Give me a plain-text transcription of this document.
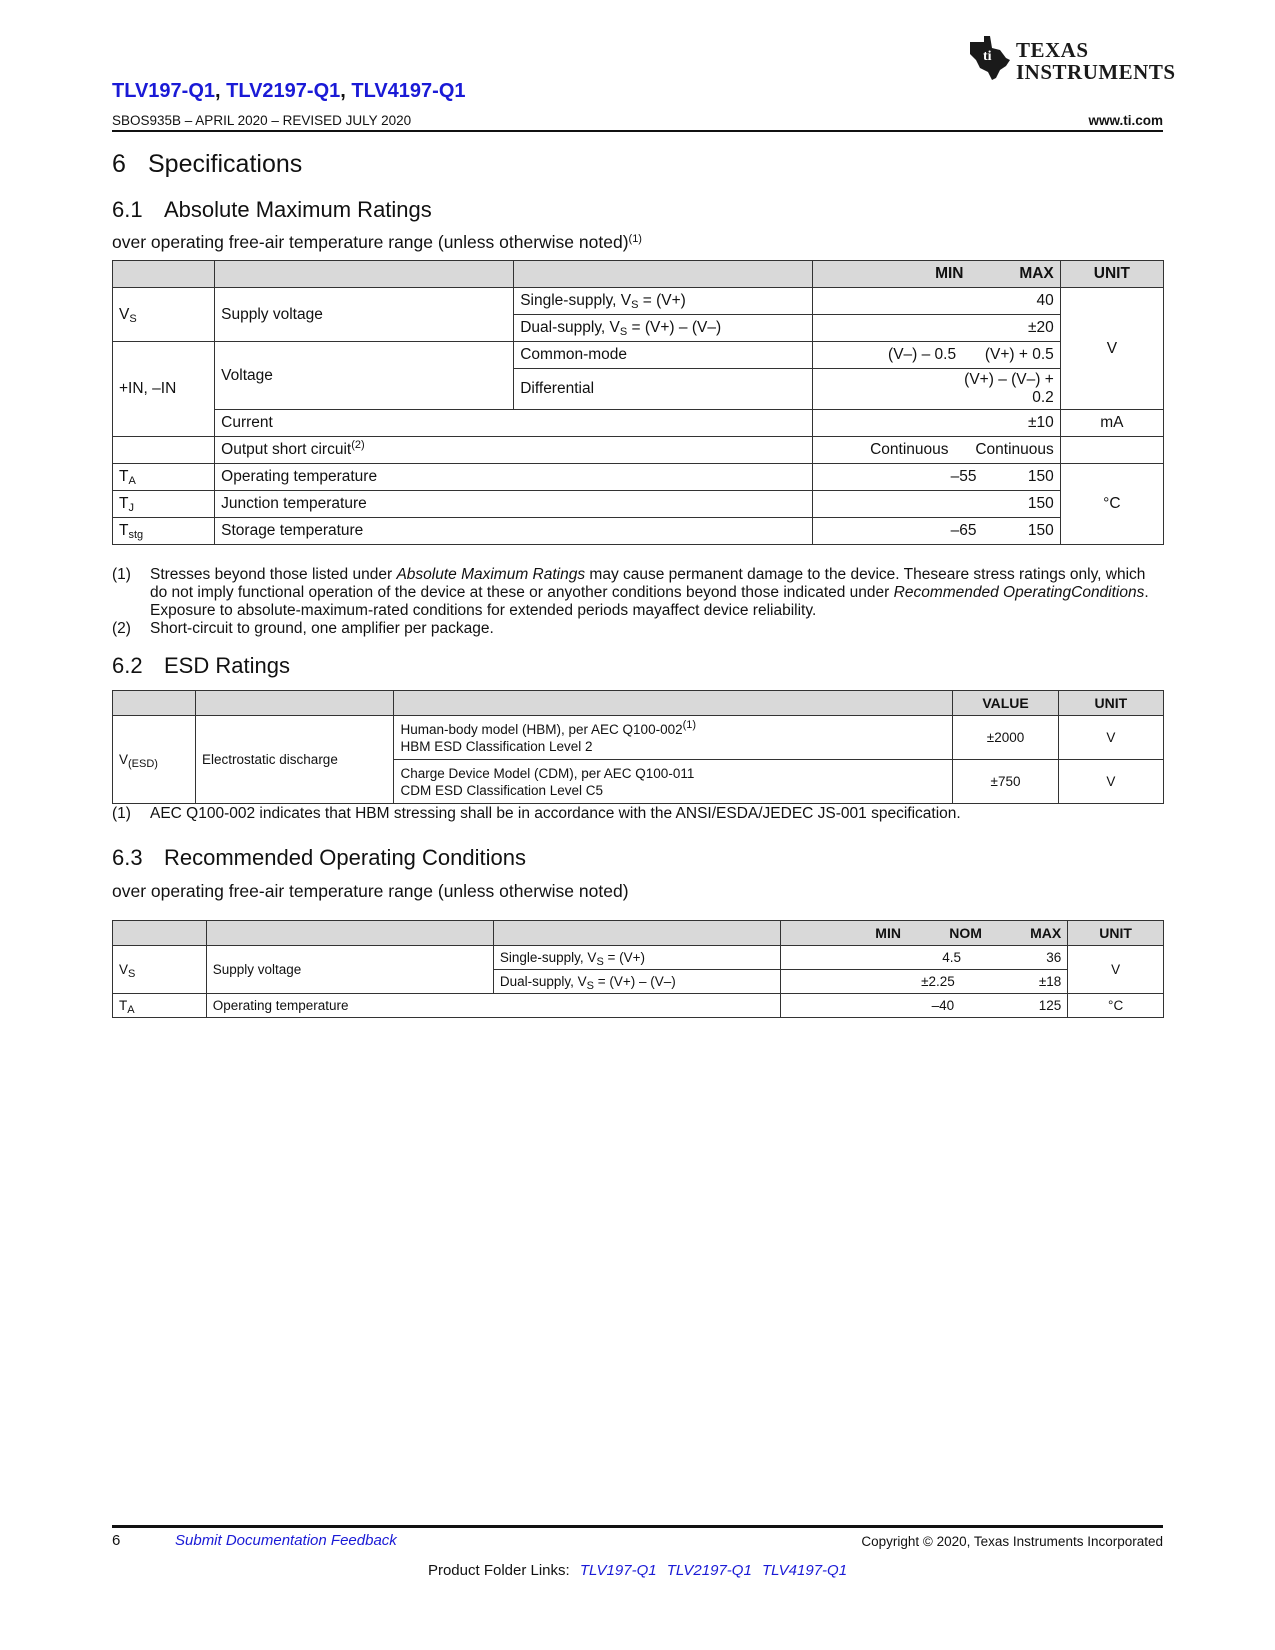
ti TEXAS
INSTRUMENTS
TLV197-Q1, TLV2197-Q1, TLV4197-Q1
SBOS935B – APRIL 2020 – REVISED JULY 2020	www.ti.com
6 Specifications
6.1 Absolute Maximum Ratings
over operating free-air temperature range (unless otherwise noted)$^{(1)}$

			MIN MAX	UNIT
$V_S$	Supply voltage	Single-supply, $V_S = (V+)$	40	V
		Dual-supply, $V_S = (V+) - (V-)$	±20	
+IN, –IN	Voltage	Common-mode	(V–) – 0.5 (V+) + 0.5	

		Differential	(V+) – (V–) +
0.2	

	Current		±10	mA
	Output short circuit$^{(2)}$		Continuous Continuous	

$T_A$	Operating temperature		–55 150	°C
$T_J$	Junction temperature		150	
$T_{stg}$	Storage temperature		–65 150	
(1)	Stresses beyond those listed under Absolute Maximum Ratings may cause permanent damage to the device. Theseare stress ratings only, which do not imply functional operation of the device at these or anyother conditions beyond those indicated under Recommended OperatingConditions. Exposure to absolute-maximum-rated conditions for extended periods mayaffect device reliability.
(2)	Short-circuit to ground, one amplifier per package.
6.2 ESD Ratings
			VALUE	UNIT
$V_{(ESD)}$	Electrostatic discharge	Human-body model (HBM), per AEC Q100-002$^{(1)}$
HBM ESD Classification Level 2	±2000	V

		Charge Device Model (CDM), per AEC Q100-011
CDM ESD Classification Level C5	±750	V
(1)	AEC Q100-002 indicates that HBM stressing shall be in accordance with the ANSI/ESDA/JEDEC JS-001 specification.
6.3 Recommended Operating Conditions
over operating free-air temperature range (unless otherwise noted)

			MIN NOM MAX	UNIT
$V_S$	Supply voltage	Single-supply, $V_S = (V+)$	4.5 36	V
		Dual-supply, $V_S = (V+) - (V-)$	±2.25 ±18	

$T_A$	Operating temperature		–40 125	°C
6	Submit Documentation Feedback	Copyright © 2020, Texas Instruments Incorporated
Product Folder Links: TLV197-Q1 TLV2197-Q1 TLV4197-Q1
